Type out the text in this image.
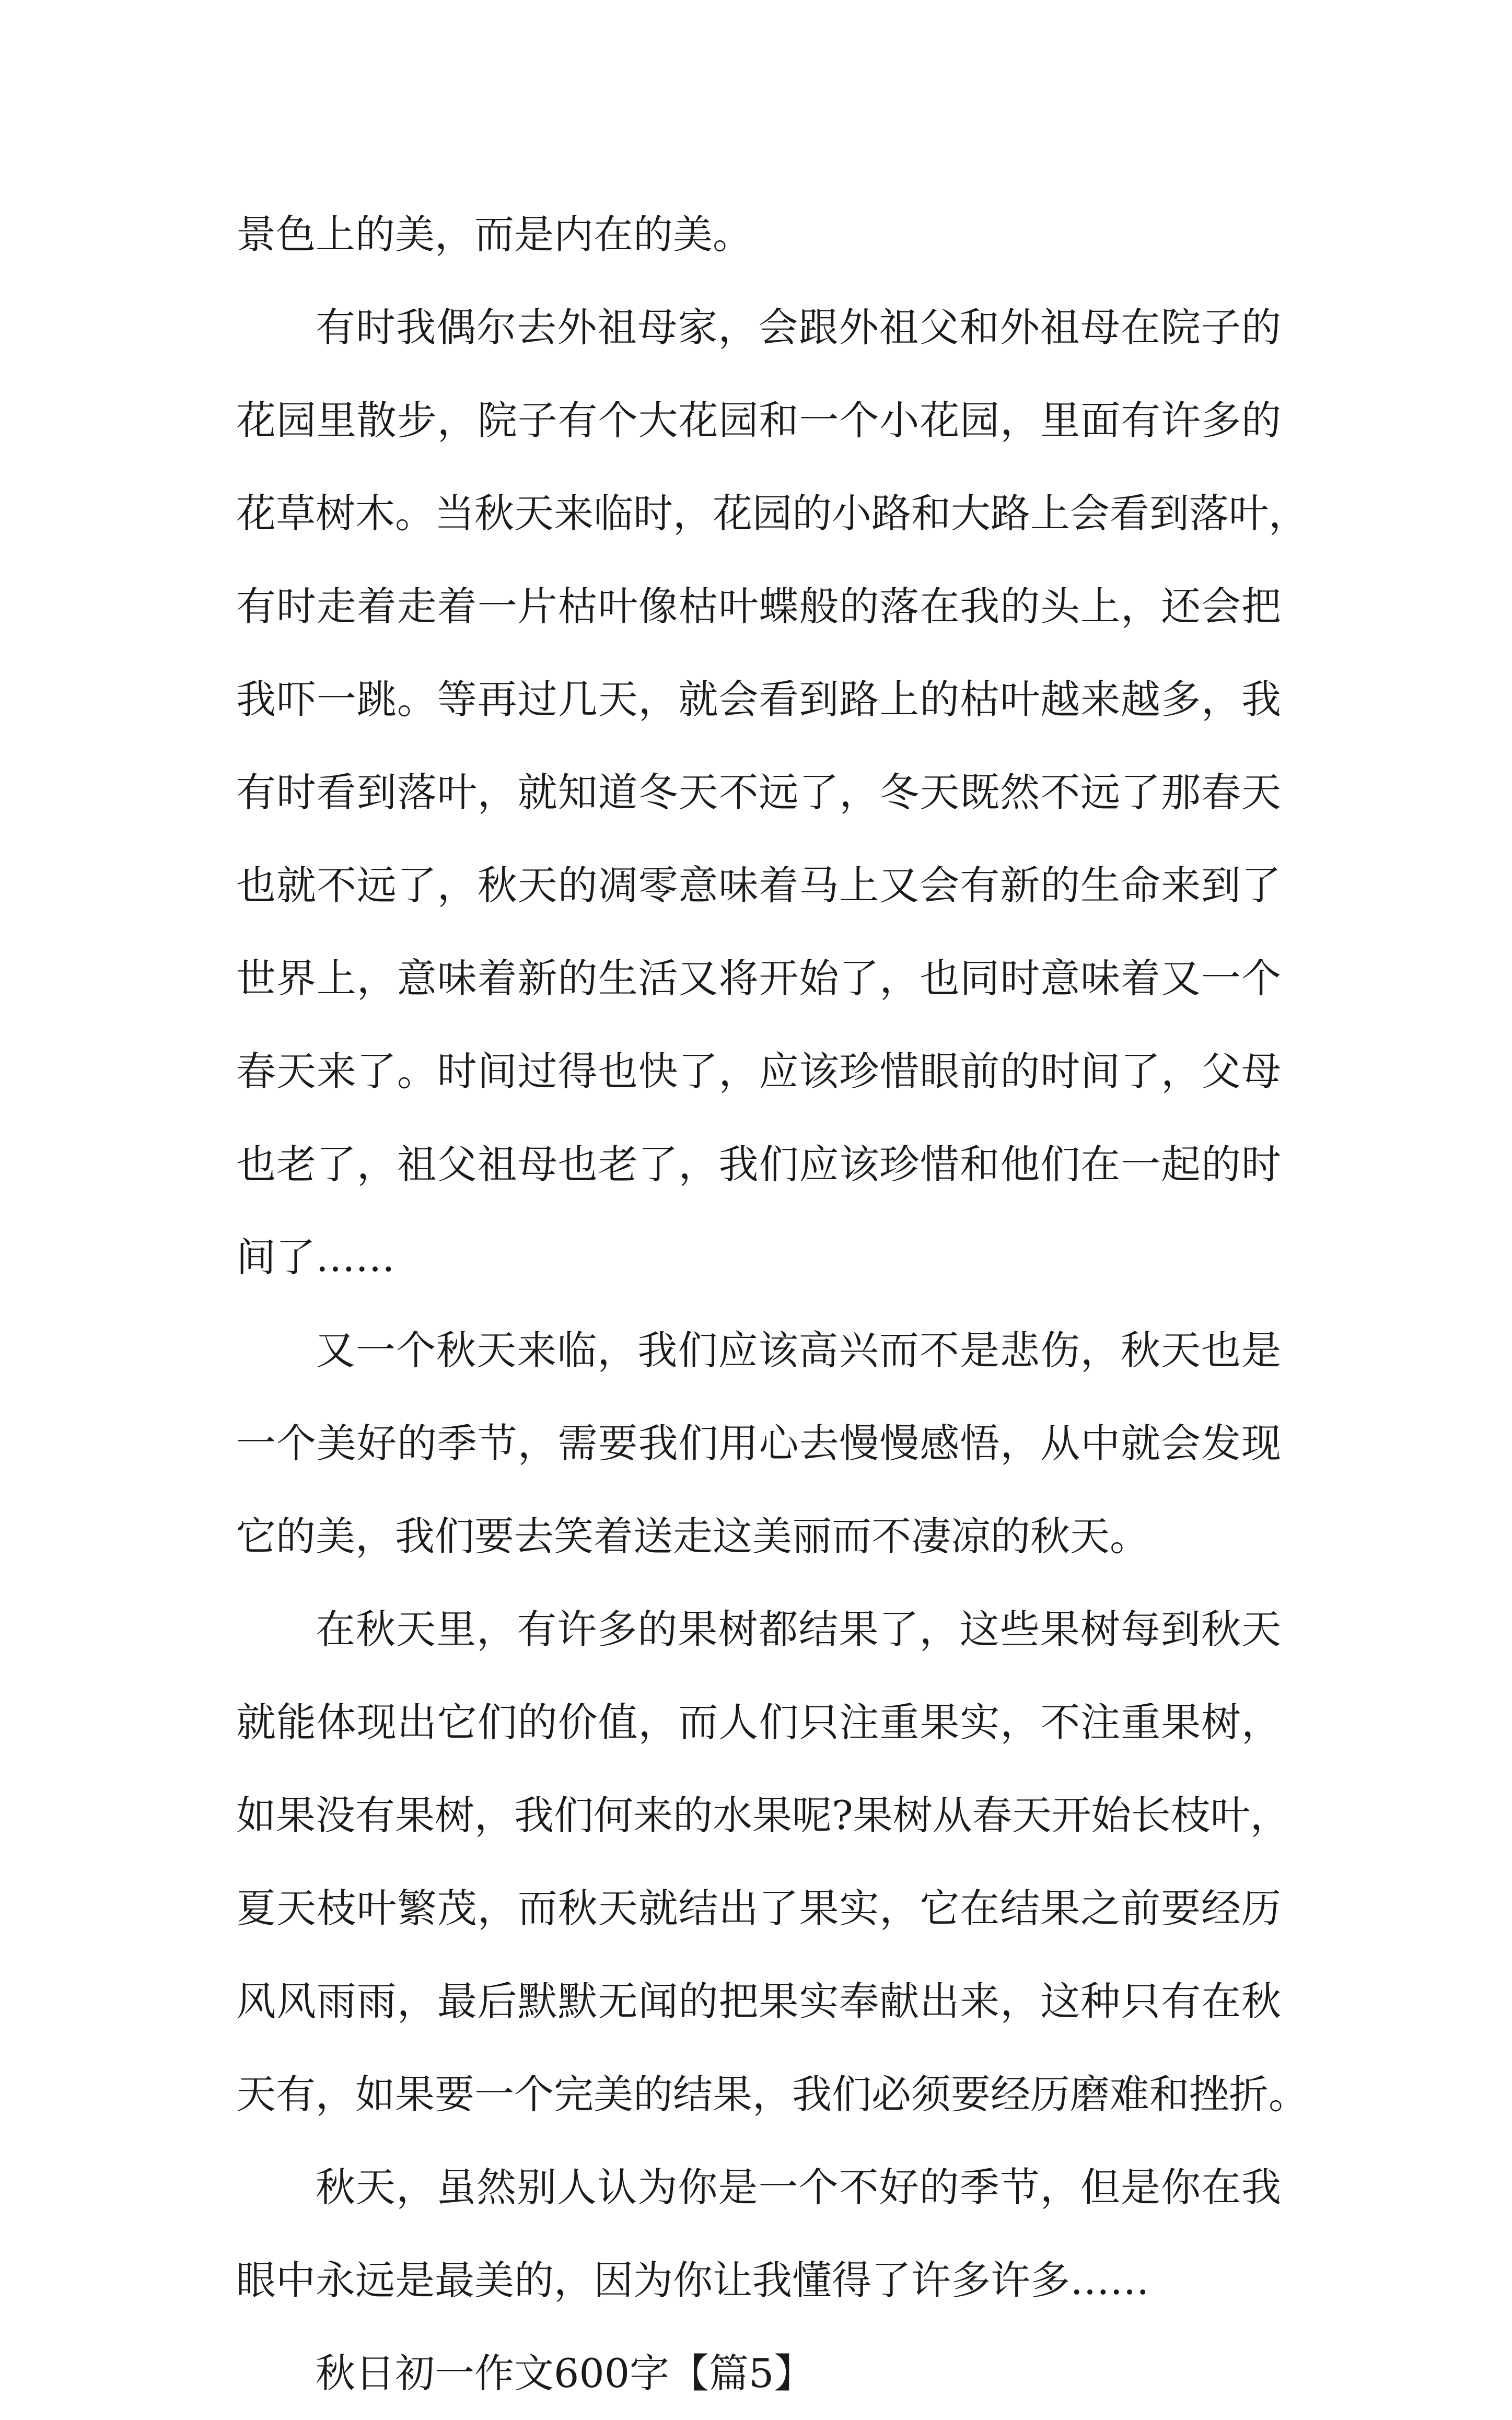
景色上的美，而是内在的美。
有时我偶尔去外祖母家，会跟外祖父和外祖母在院子的
花园里散步，院子有个大花园和一个小花园，里面有许多的
花草树木。当秋天来临时，花园的小路和大路上会看到落叶，
有时走着走着一片枯叶像枯叶蝶般的落在我的头上，还会把
我吓一跳。等再过几天，就会看到路上的枯叶越来越多，我
有时看到落叶，就知道冬天不远了，冬天既然不远了那春天
也就不远了，秋天的凋零意味着马上又会有新的生命来到了
世界上，意味着新的生活又将开始了，也同时意味着又一个
春天来了。时间过得也快了，应该珍惜眼前的时间了，父母
也老了，祖父祖母也老了，我们应该珍惜和他们在一起的时
间了……
又一个秋天来临，我们应该高兴而不是悲伤，秋天也是
一个美好的季节，需要我们用心去慢慢感悟，从中就会发现
它的美，我们要去笑着送走这美丽而不凄凉的秋天。
在秋天里，有许多的果树都结果了，这些果树每到秋天
就能体现出它们的价值，而人们只注重果实，不注重果树，
如果没有果树，我们何来的水果呢?果树从春天开始长枝叶，
夏天枝叶繁茂，而秋天就结出了果实，它在结果之前要经历
风风雨雨，最后默默无闻的把果实奉献出来，这种只有在秋
天有，如果要一个完美的结果，我们必须要经历磨难和挫折。
秋天，虽然别人认为你是一个不好的季节，但是你在我
眼中永远是最美的，因为你让我懂得了许多许多……
秋日初一作文600字【篇5】
